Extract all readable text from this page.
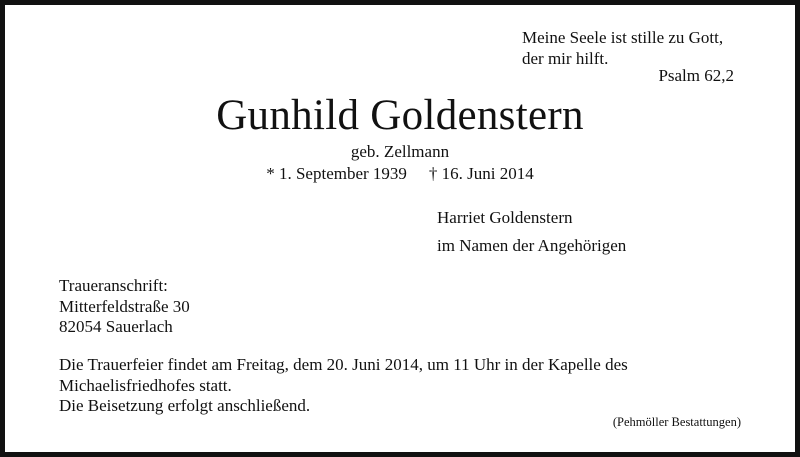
Meine Seele ist stille zu Gott,
der mir hilft.
Psalm 62,2
Gunhild Goldenstern
geb. Zellmann
* 1. September 1939 † 16. Juni 2014
Harriet Goldenstern
im Namen der Angehörigen
Traueranschrift:
Mitterfeldstraße 30
82054 Sauerlach
Die Trauerfeier findet am Freitag, dem 20. Juni 2014, um 11 Uhr in der Kapelle des
Michaelisfriedhofes statt.
Die Beisetzung erfolgt anschließend.
(Pehmöller Bestattungen)
